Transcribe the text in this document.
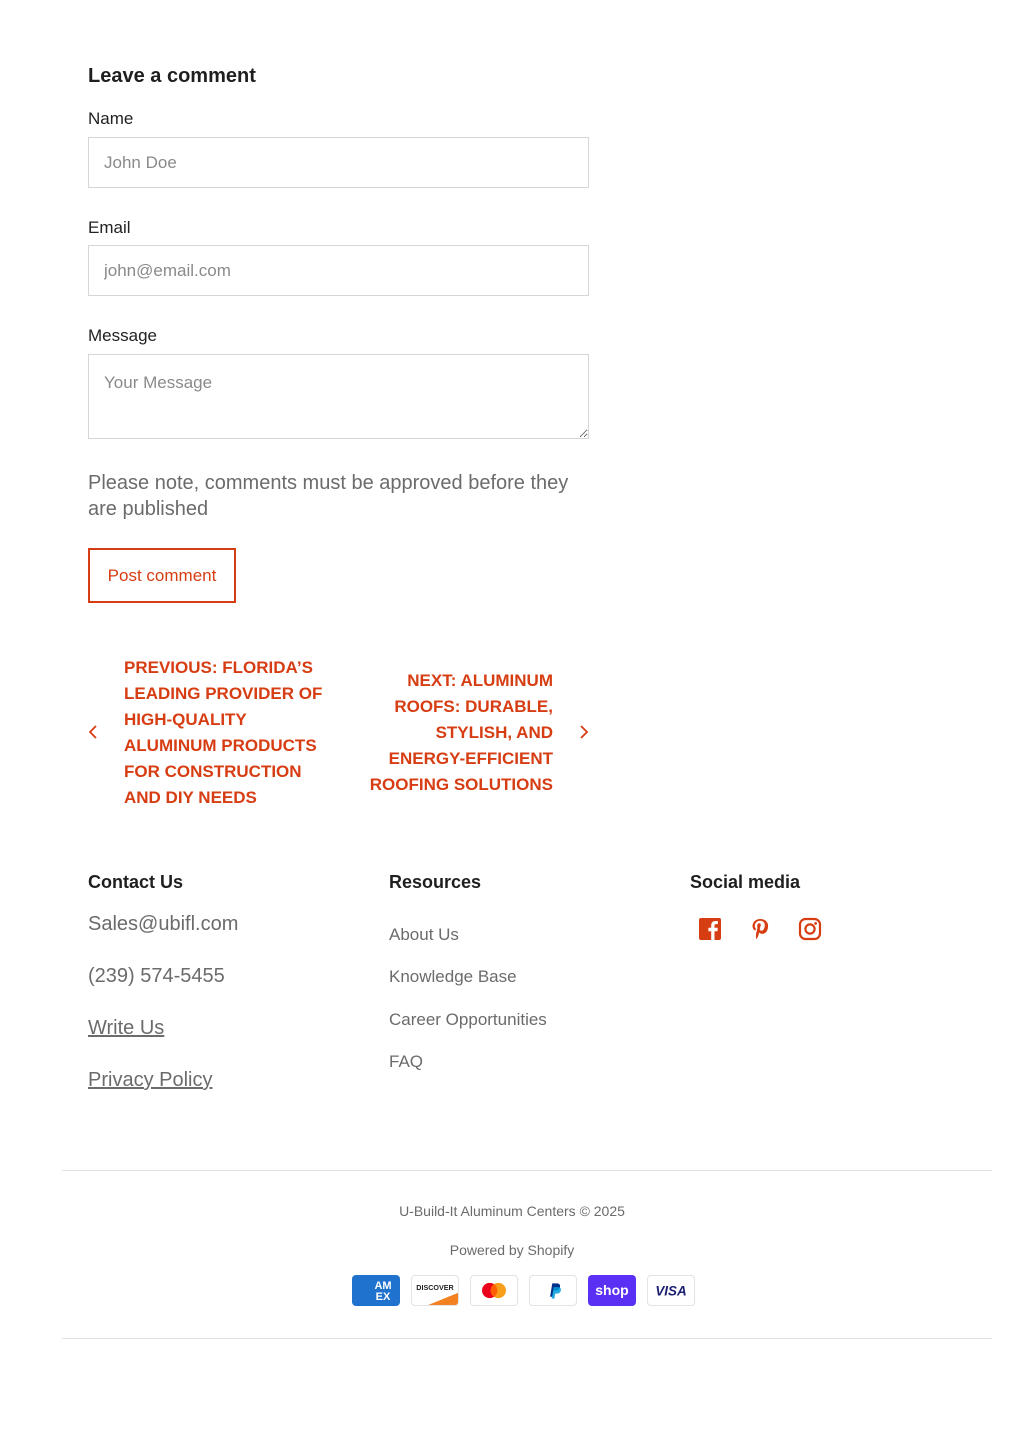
Leave a comment
Name
John Doe
Email
john@email.com
Message
Your Message

Please note, comments must be approved before they are published

Post comment
PREVIOUS: FLORIDA’S LEADING PROVIDER OF HIGH-QUALITY ALUMINUM PRODUCTS FOR CONSTRUCTION AND DIY NEEDS
NEXT: ALUMINUM ROOFS: DURABLE, STYLISH, AND ENERGY-EFFICIENT ROOFING SOLUTIONS
Contact Us
Sales@ubifl.com
(239) 574-5455
Write Us
Privacy Policy
Resources
About Us
Knowledge Base
Career Opportunities
FAQ
Social media
U-Build-It Aluminum Centers © 2025
Powered by Shopify
AM
EX
DISCOVER	shop VISA
